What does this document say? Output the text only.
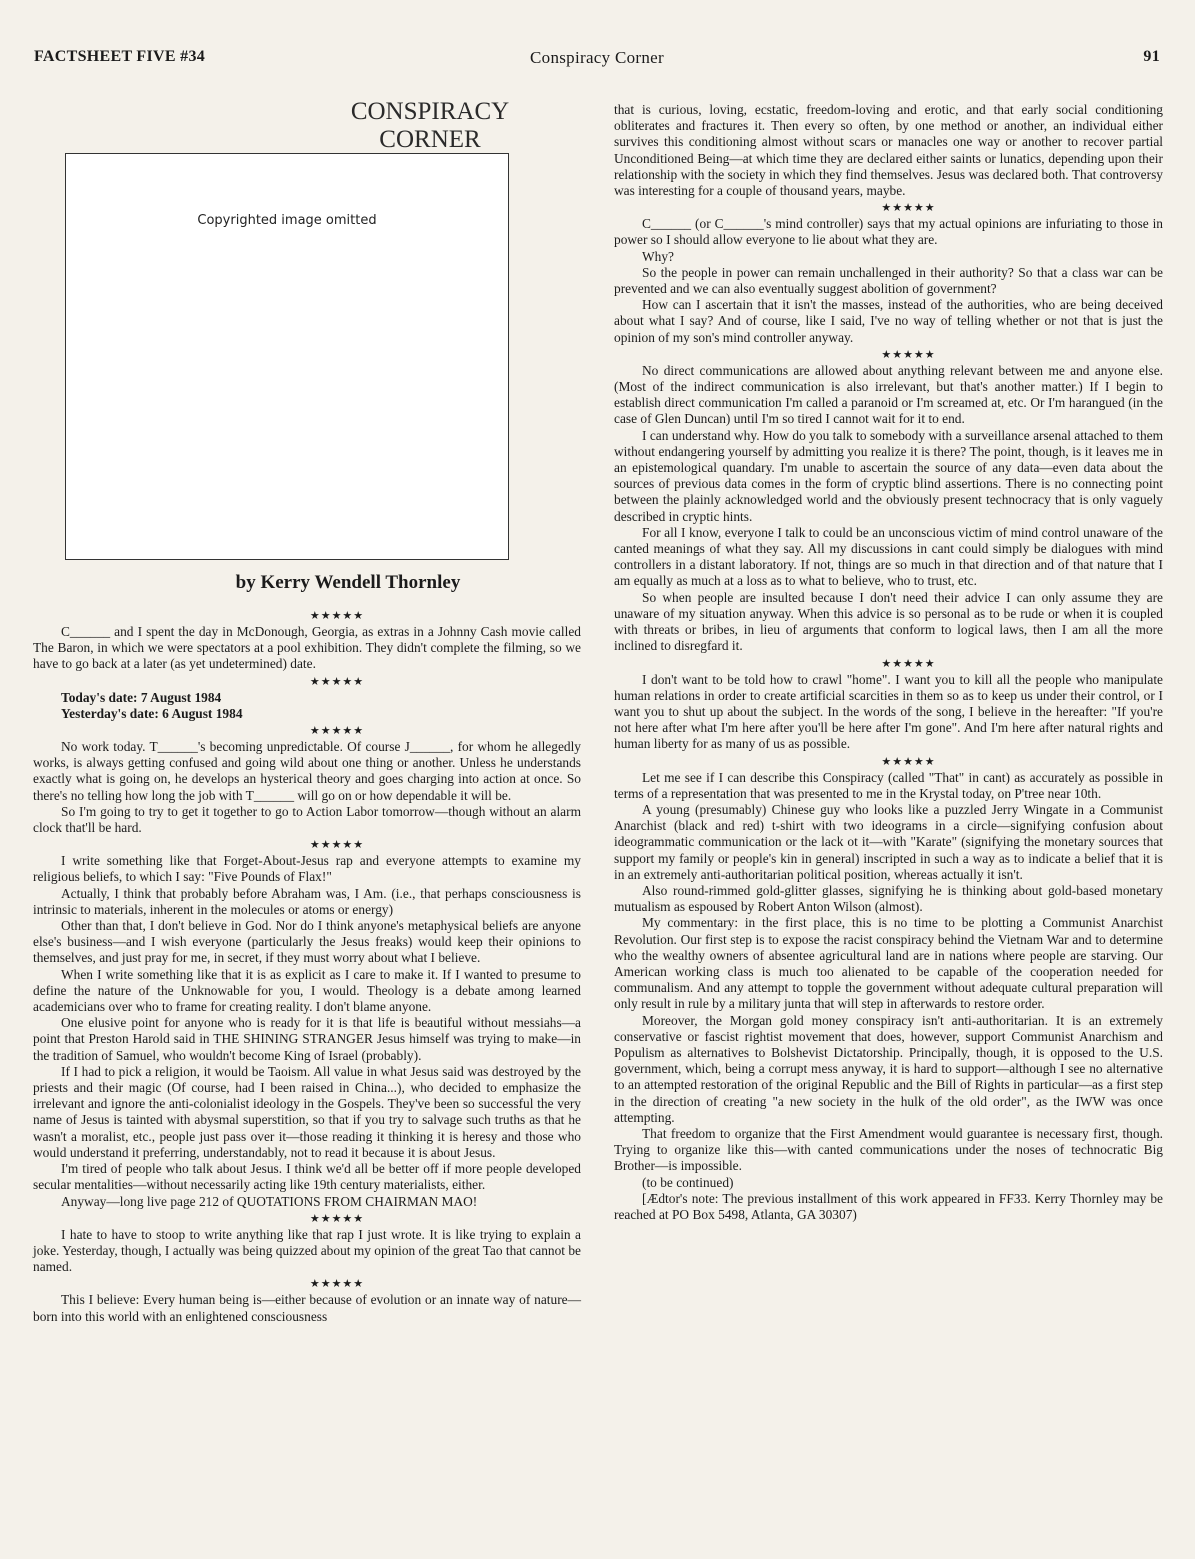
FACTSHEET FIVE #34	Conspiracy Corner	91
CONSPIRACY
CORNER
Copyrighted image omitted
by Kerry Wendell Thornley
★★★★★

C______ and I spent the day in McDonough, Georgia, as extras in a Johnny Cash movie called The Baron, in which we were spectators at a pool exhibition. They didn't complete the filming, so we have to go back at a later (as yet undetermined) date.

★★★★★

Today's date: 7 August 1984

Yesterday's date: 6 August 1984

★★★★★

No work today. T______'s becoming unpredictable. Of course J______, for whom he allegedly works, is always getting confused and going wild about one thing or another. Unless he understands exactly what is going on, he develops an hysterical theory and goes charging into action at once. So there's no telling how long the job with T______ will go on or how dependable it will be.

So I'm going to try to get it together to go to Action Labor tomorrow—though without an alarm clock that'll be hard.

★★★★★

I write something like that Forget-About-Jesus rap and everyone attempts to examine my religious beliefs, to which I say: "Five Pounds of Flax!"

Actually, I think that probably before Abraham was, I Am. (i.e., that perhaps consciousness is intrinsic to materials, inherent in the molecules or atoms or energy)

Other than that, I don't believe in God. Nor do I think anyone's metaphysical beliefs are anyone else's business—and I wish everyone (particularly the Jesus freaks) would keep their opinions to themselves, and just pray for me, in secret, if they must worry about what I believe.

When I write something like that it is as explicit as I care to make it. If I wanted to presume to define the nature of the Unknowable for you, I would. Theology is a debate among learned academicians over who to frame for creating reality. I don't blame anyone.

One elusive point for anyone who is ready for it is that life is beautiful without messiahs—a point that Preston Harold said in THE SHINING STRANGER Jesus himself was trying to make—in the tradition of Samuel, who wouldn't become King of Israel (probably).

If I had to pick a religion, it would be Taoism. All value in what Jesus said was destroyed by the priests and their magic (Of course, had I been raised in China...), who decided to emphasize the irrelevant and ignore the anti-colonialist ideology in the Gospels. They've been so successful the very name of Jesus is tainted with abysmal superstition, so that if you try to salvage such truths as that he wasn't a moralist, etc., people just pass over it—those reading it thinking it is heresy and those who would understand it preferring, understandably, not to read it because it is about Jesus.

I'm tired of people who talk about Jesus. I think we'd all be better off if more people developed secular mentalities—without necessarily acting like 19th century materialists, either.

Anyway—long live page 212 of QUOTATIONS FROM CHAIRMAN MAO!

★★★★★

I hate to have to stoop to write anything like that rap I just wrote. It is like trying to explain a joke. Yesterday, though, I actually was being quizzed about my opinion of the great Tao that cannot be named.

★★★★★

This I believe: Every human being is—either because of evolution or an innate way of nature—born into this world with an enlightened consciousness

that is curious, loving, ecstatic, freedom-loving and erotic, and that early social conditioning obliterates and fractures it. Then every so often, by one method or another, an individual either survives this conditioning almost without scars or manacles one way or another to recover partial Unconditioned Being—at which time they are declared either saints or lunatics, depending upon their relationship with the society in which they find themselves. Jesus was declared both. That controversy was interesting for a couple of thousand years, maybe.

★★★★★

C______ (or C______'s mind controller) says that my actual opinions are infuriating to those in power so I should allow everyone to lie about what they are.

Why?

So the people in power can remain unchallenged in their authority? So that a class war can be prevented and we can also eventually suggest abolition of government?

How can I ascertain that it isn't the masses, instead of the authorities, who are being deceived about what I say? And of course, like I said, I've no way of telling whether or not that is just the opinion of my son's mind controller anyway.

★★★★★

No direct communications are allowed about anything relevant between me and anyone else. (Most of the indirect communication is also irrelevant, but that's another matter.) If I begin to establish direct communication I'm called a paranoid or I'm screamed at, etc. Or I'm harangued (in the case of Glen Duncan) until I'm so tired I cannot wait for it to end.

I can understand why. How do you talk to somebody with a surveillance arsenal attached to them without endangering yourself by admitting you realize it is there? The point, though, is it leaves me in an epistemological quandary. I'm unable to ascertain the source of any data—even data about the sources of previous data comes in the form of cryptic blind assertions. There is no connecting point between the plainly acknowledged world and the obviously present technocracy that is only vaguely described in cryptic hints.

For all I know, everyone I talk to could be an unconscious victim of mind control unaware of the canted meanings of what they say. All my discussions in cant could simply be dialogues with mind controllers in a distant laboratory. If not, things are so much in that direction and of that nature that I am equally as much at a loss as to what to believe, who to trust, etc.

So when people are insulted because I don't need their advice I can only assume they are unaware of my situation anyway. When this advice is so personal as to be rude or when it is coupled with threats or bribes, in lieu of arguments that conform to logical laws, then I am all the more inclined to disregfard it.

★★★★★

I don't want to be told how to crawl "home". I want you to kill all the people who manipulate human relations in order to create artificial scarcities in them so as to keep us under their control, or I want you to shut up about the subject. In the words of the song, I believe in the hereafter: "If you're not here after what I'm here after you'll be here after I'm gone". And I'm here after natural rights and human liberty for as many of us as possible.

★★★★★

Let me see if I can describe this Conspiracy (called "That" in cant) as accurately as possible in terms of a representation that was presented to me in the Krystal today, on P'tree near 10th.

A young (presumably) Chinese guy who looks like a puzzled Jerry Wingate in a Communist Anarchist (black and red) t-shirt with two ideograms in a circle—signifying confusion about ideogrammatic communication or the lack ot it—with "Karate" (signifying the monetary sources that support my family or people's kin in general) inscripted in such a way as to indicate a belief that it is in an extremely anti-authoritarian political position, whereas actually it isn't.

Also round-rimmed gold-glitter glasses, signifying he is thinking about gold-based monetary mutualism as espoused by Robert Anton Wilson (almost).

My commentary: in the first place, this is no time to be plotting a Communist Anarchist Revolution. Our first step is to expose the racist conspiracy behind the Vietnam War and to determine who the wealthy owners of absentee agricultural land are in nations where people are starving. Our American working class is much too alienated to be capable of the cooperation needed for communalism. And any attempt to topple the government without adequate cultural preparation will only result in rule by a military junta that will step in afterwards to restore order.

Moreover, the Morgan gold money conspiracy isn't anti-authoritarian. It is an extremely conservative or fascist rightist movement that does, however, support Communist Anarchism and Populism as alternatives to Bolshevist Dictatorship. Principally, though, it is opposed to the U.S. government, which, being a corrupt mess anyway, it is hard to support—although I see no alternative to an attempted restoration of the original Republic and the Bill of Rights in particular—as a first step in the direction of creating "a new society in the hulk of the old order", as the IWW was once attempting.

That freedom to organize that the First Amendment would guarantee is necessary first, though. Trying to organize like this—with canted communications under the noses of technocratic Big Brother—is impossible.

(to be continued)

[Ædtor's note: The previous installment of this work appeared in FF33. Kerry Thornley may be reached at PO Box 5498, Atlanta, GA 30307)
